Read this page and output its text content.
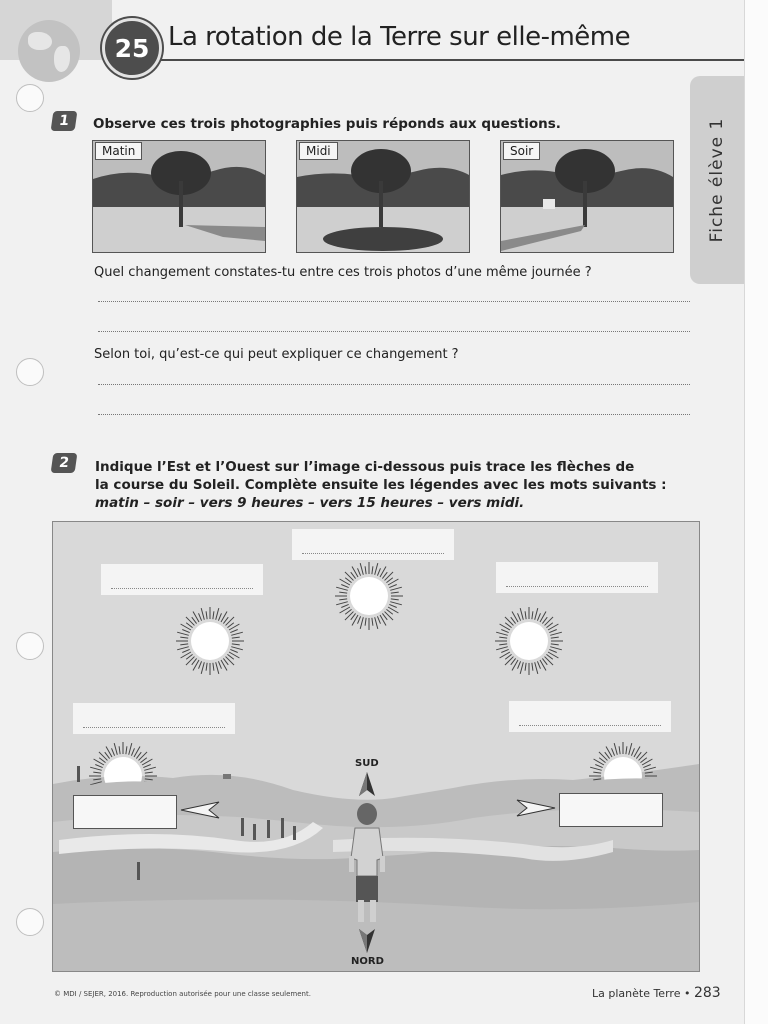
25 La rotation de la Terre sur elle-même
Fiche élève 1
1	Observe ces trois photographies puis réponds aux questions.
Matin	Midi	Soir
Quel changement constates-tu entre ces trois photos d’une même journée ?
Selon toi, qu’est-ce qui peut expliquer ce changement ?
2	Indique l’Est et l’Ouest sur l’image ci-dessous puis trace les flèches de
la course du Soleil. Complète ensuite les légendes avec les mots suivants :
matin – soir – vers 9 heures – vers 15 heures – vers midi.
SUD
NORD
© MDI / SEJER, 2016. Reproduction autorisée pour une classe seulement.	La planète Terre • 283
